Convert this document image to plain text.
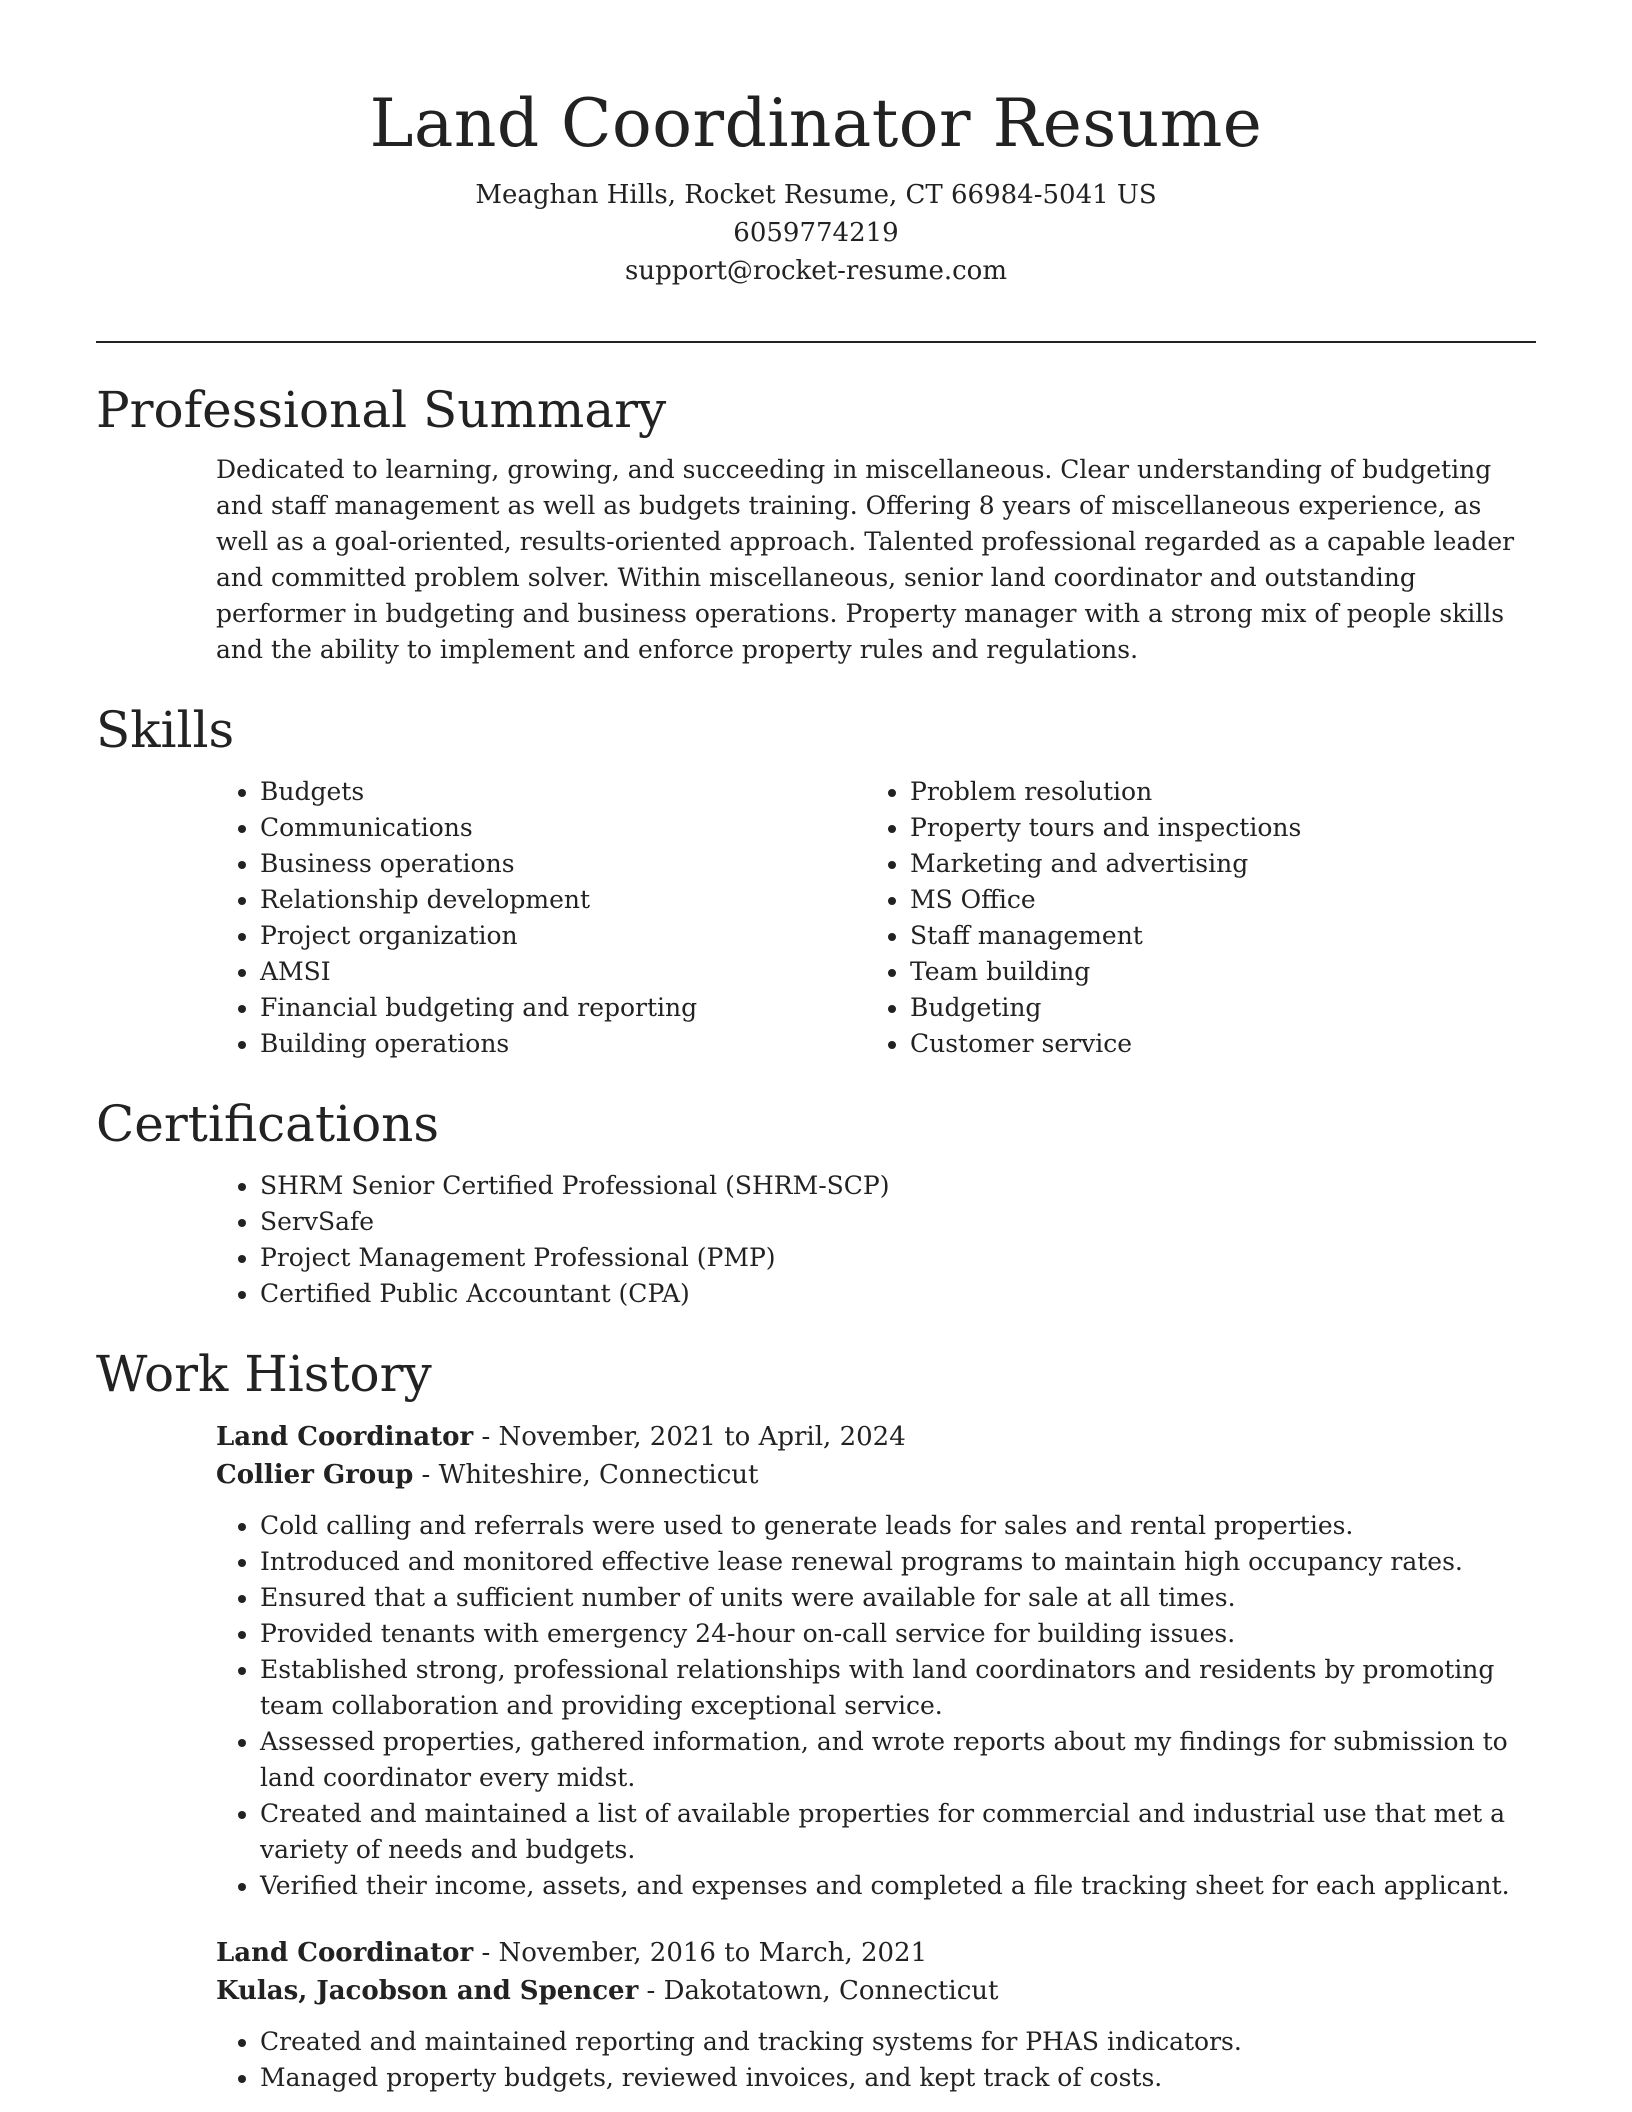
Land Coordinator Resume
Meaghan Hills, Rocket Resume, CT 66984-5041 US
6059774219
support@rocket-resume.com
Professional Summary

Dedicated to learning, growing, and succeeding in miscellaneous. Clear understanding of budgeting and staff management as well as budgets training. Offering 8 years of miscellaneous experience, as well as a goal-oriented, results-oriented approach. Talented professional regarded as a capable leader and committed problem solver. Within miscellaneous, senior land coordinator and outstanding performer in budgeting and business operations. Property manager with a strong mix of people skills and the ability to implement and enforce property rules and regulations.

Skills
• Budgets
• Communications
• Business operations
• Relationship development
• Project organization
• AMSI
• Financial budgeting and reporting
• Building operations
• Problem resolution
• Property tours and inspections
• Marketing and advertising
• MS Office
• Staff management
• Team building
• Budgeting
• Customer service
Certifications
• SHRM Senior Certified Professional (SHRM-SCP)
• ServSafe
• Project Management Professional (PMP)
• Certified Public Accountant (CPA)
Work History
Land Coordinator - November, 2021 to April, 2024
Collier Group - Whiteshire, Connecticut
• Cold calling and referrals were used to generate leads for sales and rental properties.
• Introduced and monitored effective lease renewal programs to maintain high occupancy rates.
• Ensured that a sufficient number of units were available for sale at all times.
• Provided tenants with emergency 24-hour on-call service for building issues.
• Established strong, professional relationships with land coordinators and residents by promoting team collaboration and providing exceptional service.
• Assessed properties, gathered information, and wrote reports about my findings for submission to land coordinator every midst.
• Created and maintained a list of available properties for commercial and industrial use that met a variety of needs and budgets.
• Verified their income, assets, and expenses and completed a file tracking sheet for each applicant.
Land Coordinator - November, 2016 to March, 2021
Kulas, Jacobson and Spencer - Dakotatown, Connecticut
• Created and maintained reporting and tracking systems for PHAS indicators.
• Managed property budgets, reviewed invoices, and kept track of costs.
